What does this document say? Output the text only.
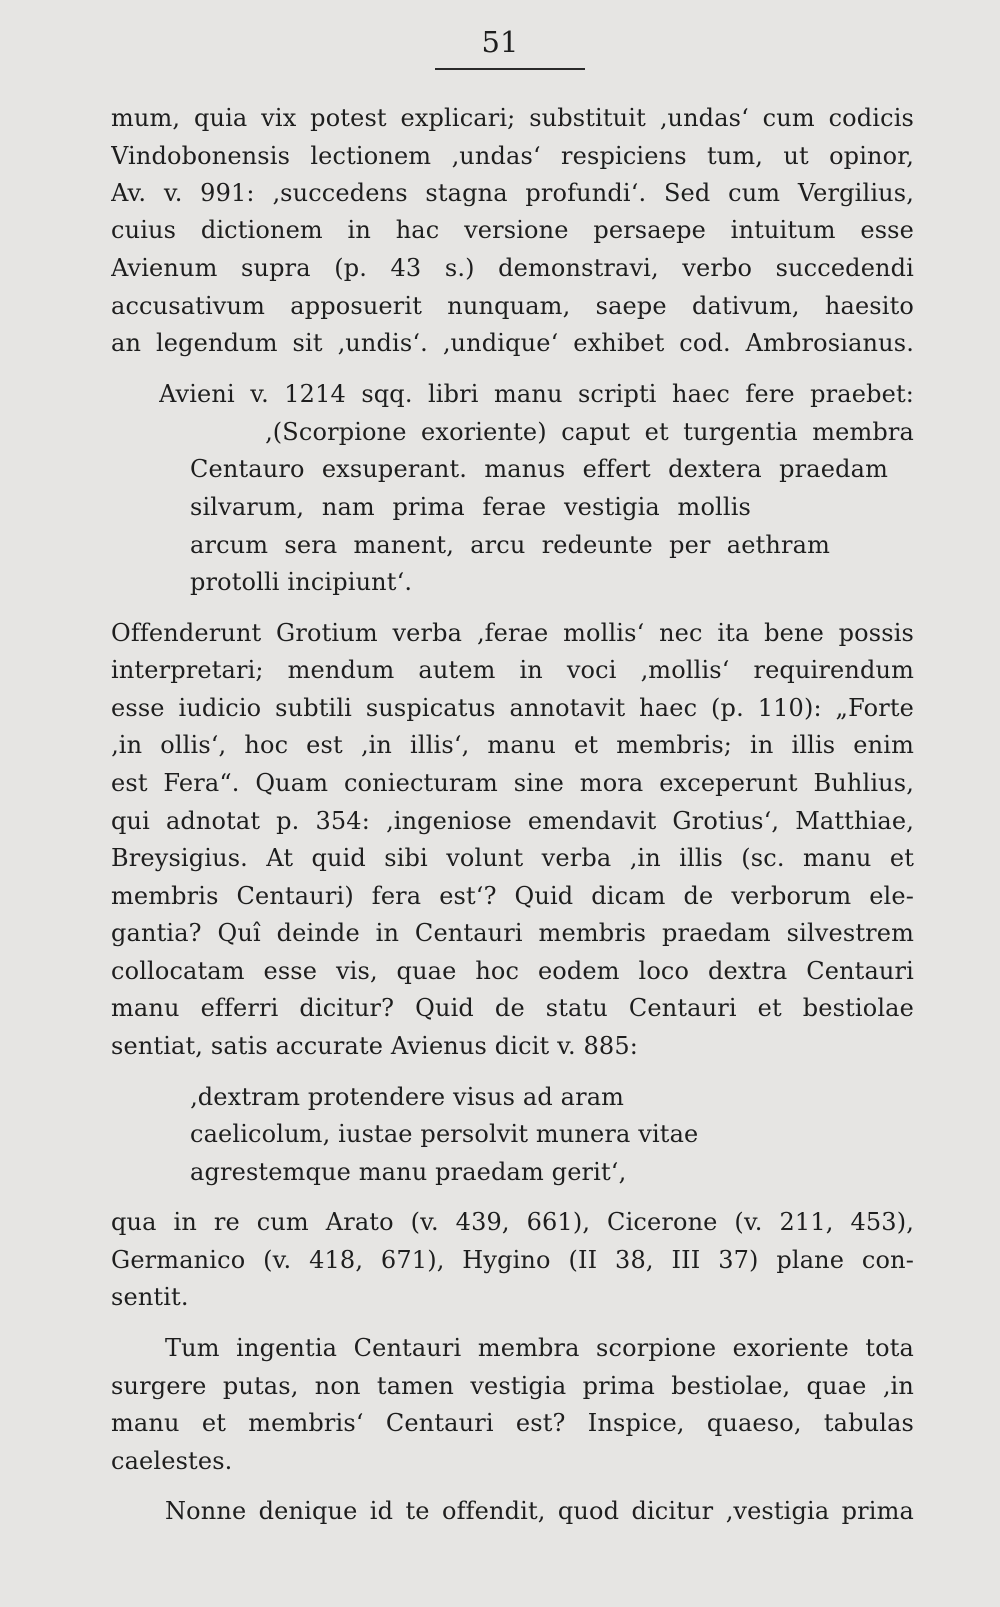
51
mum, quia vix potest explicari; substituit ‚undas‘ cum codicis
Vindobonensis lectionem ‚undas‘ respiciens tum, ut opinor,
Av. v. 991: ‚succedens stagna profundi‘. Sed cum Vergilius,
cuius dictionem in hac versione persaepe intuitum esse
Avienum supra (p. 43 s.) demonstravi, verbo succedendi
accusativum apposuerit nunquam, saepe dativum, haesito
an legendum sit ‚undis‘. ‚undique‘ exhibet cod. Ambrosianus.
Avieni v. 1214 sqq. libri manu scripti haec fere praebet:
‚(Scorpione exoriente) caput et turgentia membra
Centauro exsuperant. manus effert dextera praedam
silvarum, nam prima ferae vestigia mollis
arcum sera manent, arcu redeunte per aethram
protolli incipiunt‘.
Offenderunt Grotium verba ‚ferae mollis‘ nec ita bene possis
interpretari; mendum autem in voci ‚mollis‘ requirendum
esse iudicio subtili suspicatus annotavit haec (p. 110): „Forte
‚in ollis‘, hoc est ‚in illis‘, manu et membris; in illis enim
est Fera“. Quam coniecturam sine mora exceperunt Buhlius,
qui adnotat p. 354: ‚ingeniose emendavit Grotius‘, Matthiae,
Breysigius. At quid sibi volunt verba ‚in illis (sc. manu et
membris Centauri) fera est‘? Quid dicam de verborum ele-
gantia? Quî deinde in Centauri membris praedam silvestrem
collocatam esse vis, quae hoc eodem loco dextra Centauri
manu efferri dicitur? Quid de statu Centauri et bestiolae
sentiat, satis accurate Avienus dicit v. 885:
‚dextram protendere visus ad aram
caelicolum, iustae persolvit munera vitae
agrestemque manu praedam gerit‘,
qua in re cum Arato (v. 439, 661), Cicerone (v. 211, 453),
Germanico (v. 418, 671), Hygino (II 38, III 37) plane con-
sentit.
Tum ingentia Centauri membra scorpione exoriente tota
surgere putas, non tamen vestigia prima bestiolae, quae ‚in
manu et membris‘ Centauri est? Inspice, quaeso, tabulas
caelestes.
Nonne denique id te offendit, quod dicitur ‚vestigia prima
